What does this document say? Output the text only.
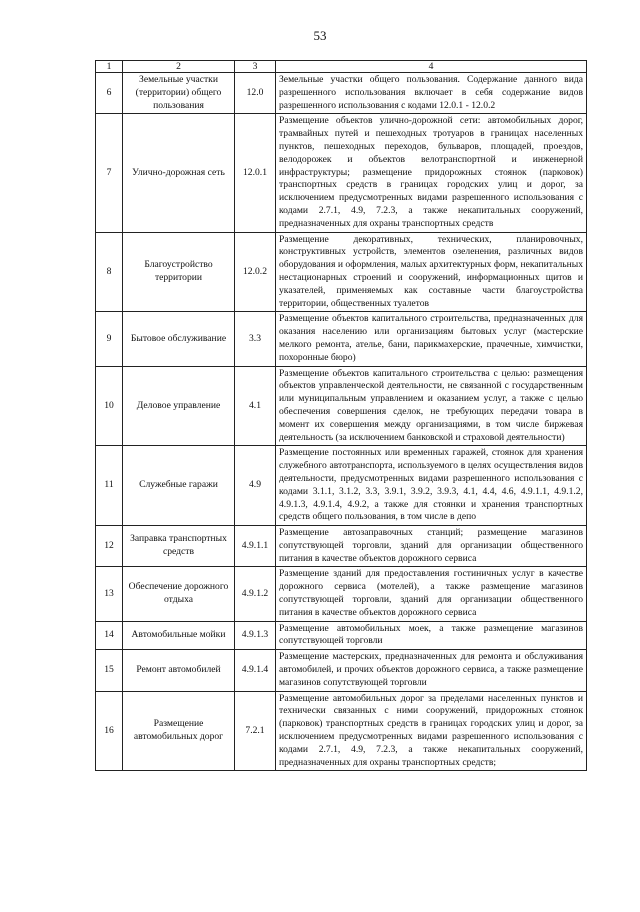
53
1	2	3	4
6	Земельные участки (территории) общего пользования	12.0	Земельные участки общего пользования. Содержание данного вида разрешенного использования включает в себя содержание видов разрешенного использования с кодами 12.0.1 - 12.0.2
7	Улично-дорожная сеть	12.0.1	Размещение объектов улично-дорожной сети: автомобильных дорог, трамвайных путей и пешеходных тротуаров в границах населенных пунктов, пешеходных переходов, бульваров, площадей, проездов, велодорожек и объектов велотранспортной и инженерной инфраструктуры; размещение придорожных стоянок (парковок) транспортных средств в границах городских улиц и дорог, за исключением предусмотренных видами разрешенного использования с кодами 2.7.1, 4.9, 7.2.3, а также некапитальных сооружений, предназначенных для охраны транспортных средств
8	Благоустройство территории	12.0.2	Размещение декоративных, технических, планировочных, конструктивных устройств, элементов озеленения, различных видов оборудования и оформления, малых архитектурных форм, некапитальных нестационарных строений и сооружений, информационных щитов и указателей, применяемых как составные части благоустройства территории, общественных туалетов
9	Бытовое обслуживание	3.3	Размещение объектов капитального строительства, предназначенных для оказания населению или организациям бытовых услуг (мастерские мелкого ремонта, ателье, бани, парикмахерские, прачечные, химчистки, похоронные бюро)
10	Деловое управление	4.1	Размещение объектов капитального строительства с целью: размещения объектов управленческой деятельности, не связанной с государственным или муниципальным управлением и оказанием услуг, а также с целью обеспечения совершения сделок, не требующих передачи товара в момент их совершения между организациями, в том числе биржевая деятельность (за исключением банковской и страховой деятельности)
11	Служебные гаражи	4.9	Размещение постоянных или временных гаражей, стоянок для хранения служебного автотранспорта, используемого в целях осуществления видов деятельности, предусмотренных видами разрешенного использования с кодами 3.1.1, 3.1.2, 3.3, 3.9.1, 3.9.2, 3.9.3, 4.1, 4.4, 4.6, 4.9.1.1, 4.9.1.2, 4.9.1.3, 4.9.1.4, 4.9.2, а также для стоянки и хранения транспортных средств общего пользования, в том числе в депо
12	Заправка транспортных средств	4.9.1.1	Размещение автозаправочных станций; размещение магазинов сопутствующей торговли, зданий для организации общественного питания в качестве объектов дорожного сервиса
13	Обеспечение дорожного отдыха	4.9.1.2	Размещение зданий для предоставления гостиничных услуг в качестве дорожного сервиса (мотелей), а также размещение магазинов сопутствующей торговли, зданий для организации общественного питания в качестве объектов дорожного сервиса
14	Автомобильные мойки	4.9.1.3	Размещение автомобильных моек, а также размещение магазинов сопутствующей торговли
15	Ремонт автомобилей	4.9.1.4	Размещение мастерских, предназначенных для ремонта и обслуживания автомобилей, и прочих объектов дорожного сервиса, а также размещение магазинов сопутствующей торговли
16	Размещение автомобильных дорог	7.2.1	Размещение автомобильных дорог за пределами населенных пунктов и технически связанных с ними сооружений, придорожных стоянок (парковок) транспортных средств в границах городских улиц и дорог, за исключением предусмотренных видами разрешенного использования с кодами 2.7.1, 4.9, 7.2.3, а также некапитальных сооружений, предназначенных для охраны транспортных средств;
